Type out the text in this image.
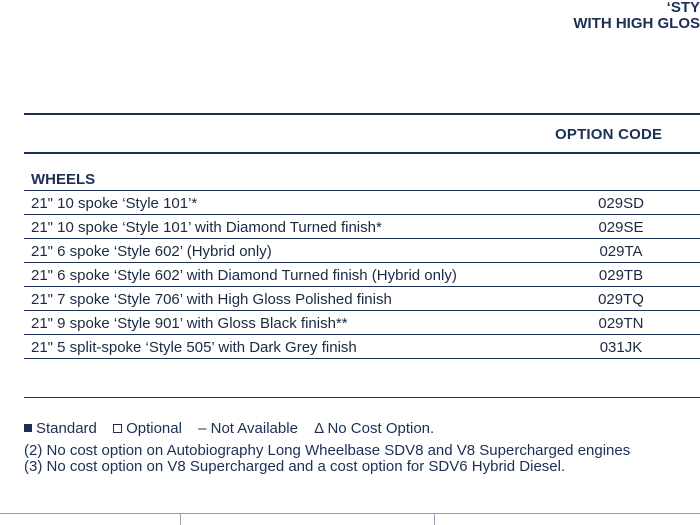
‘STY
WITH HIGH GLOS
OPTION CODE
WHEELS
21" 10 spoke ‘Style 101’*	029SD
21" 10 spoke ‘Style 101’ with Diamond Turned finish*	029SE
21" 6 spoke ‘Style 602’ (Hybrid only)	029TA
21" 6 spoke ‘Style 602’ with Diamond Turned finish (Hybrid only)	029TB
21" 7 spoke ‘Style 706’ with High Gloss Polished finish	029TQ
21" 9 spoke ‘Style 901’ with Gloss Black finish**	029TN
21" 5 split-spoke ‘Style 505’ with Dark Grey finish	031JK
Standard Optional – Not Available Δ No Cost Option.
(2) No cost option on Autobiography Long Wheelbase SDV8 and V8 Supercharged engines
(3) No cost option on V8 Supercharged and a cost option for SDV6 Hybrid Diesel.
